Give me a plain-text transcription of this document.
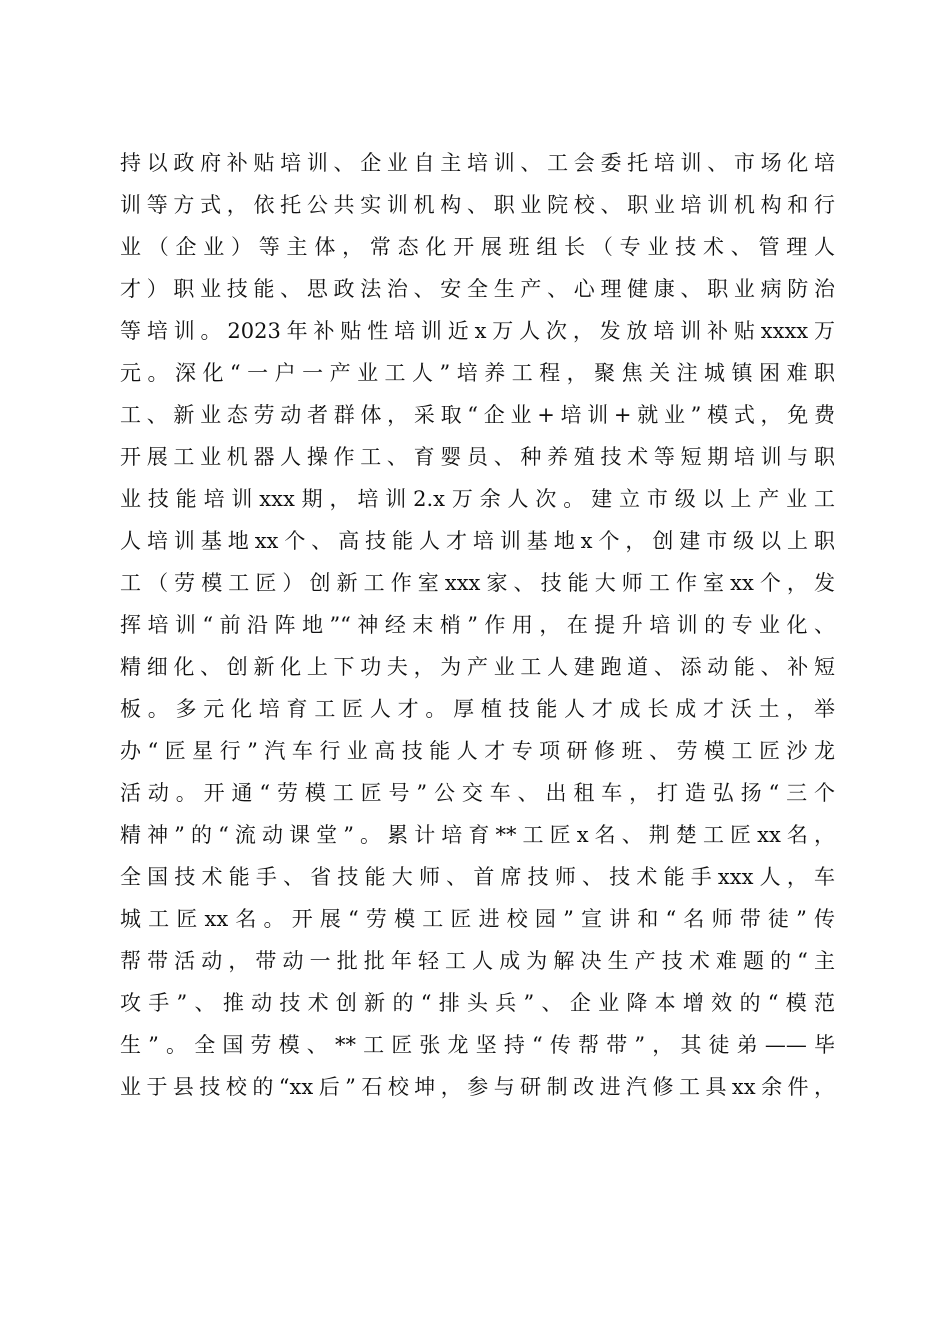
持以政府补贴培训、企业自主培训、工会委托培训、市场化培
训等方式，依托公共实训机构、职业院校、职业培训机构和行
业（企业）等主体，常态化开展班组长（专业技术、管理人
才）职业技能、思政法治、安全生产、心理健康、职业病防治
等培训。2023年补贴性培训近x万人次，发放培训补贴xxxx万
元。深化“一户一产业工人”培养工程，聚焦关注城镇困难职
工、新业态劳动者群体，采取“企业+培训+就业”模式，免费
开展工业机器人操作工、育婴员、种养殖技术等短期培训与职
业技能培训xxx期，培训2.x万余人次。建立市级以上产业工
人培训基地xx个、高技能人才培训基地x个，创建市级以上职
工（劳模工匠）创新工作室xxx家、技能大师工作室xx个，发
挥培训“前沿阵地”“神经末梢”作用，在提升培训的专业化、
精细化、创新化上下功夫，为产业工人建跑道、添动能、补短
板。多元化培育工匠人才。厚植技能人才成长成才沃土，举
办“匠星行”汽车行业高技能人才专项研修班、劳模工匠沙龙
活动。开通“劳模工匠号”公交车、出租车，打造弘扬“三个
精神”的“流动课堂”。累计培育**工匠x名、荆楚工匠xx名，
全国技术能手、省技能大师、首席技师、技术能手xxx人，车
城工匠xx名。开展“劳模工匠进校园”宣讲和“名师带徒”传
帮带活动，带动一批批年轻工人成为解决生产技术难题的“主
攻手”、推动技术创新的“排头兵”、企业降本增效的“模范
生”。全国劳模、**工匠张龙坚持“传帮带”，其徒弟——毕
业于县技校的“xx后”石校坤，参与研制改进汽修工具xx余件，
